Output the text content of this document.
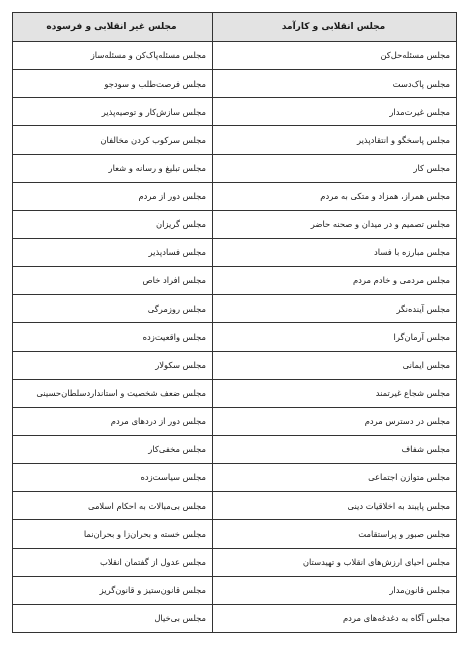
مجلس انقلابی و کارآمد	مجلس غیر انقلابی و فرسوده
مجلس مسئله‌حل‌کن	مجلس مسئله‌پاک‌کن و مسئله‌ساز
مجلس پاک‌دست	مجلس فرصت‌طلب و سودجو
مجلس غیرت‌مدار	مجلس سازش‌کار و توصیه‌پذیر
مجلس پاسخگو و انتقادپذیر	مجلس سرکوب کردن مخالفان
مجلس کار	مجلس تبلیغ و رسانه و شعار
مجلس همراز، همزاد و متکی به مردم	مجلس دور از مردم
مجلس تصمیم و در میدان و صحنه حاضر	مجلس گریزان
مجلس مبارزه با فساد	مجلس فسادپذیر
مجلس مردمی و خادم مردم	مجلس افراد خاص
مجلس آینده‌نگر	مجلس روزمرگی
مجلس آرمان‌گرا	مجلس واقعیت‌زده
مجلس ایمانی	مجلس سکولار
مجلس شجاع غیرتمند	مجلس ضعف شخصیت و استاندارد‌سلطان‌حسینی
مجلس در دسترس مردم	مجلس دور از دردهای مردم
مجلس شفاف	مجلس مخفی‌کار
مجلس متوازن اجتماعی	مجلس سیاست‌زده
مجلس پایبند به اخلاقیات دینی	مجلس بی‌مبالات به احکام اسلامی
مجلس صبور و پراستقامت	مجلس خسته و بحران‌زا و بحران‌نما
مجلس احیای ارزش‌های انقلاب و تهیدستان	مجلس عدول از گفتمان انقلاب
مجلس قانون‌مدار	مجلس قانون‌ستیز و قانون‌گریز
مجلس آگاه به دغدغه‌های مردم	مجلس بی‌خیال
